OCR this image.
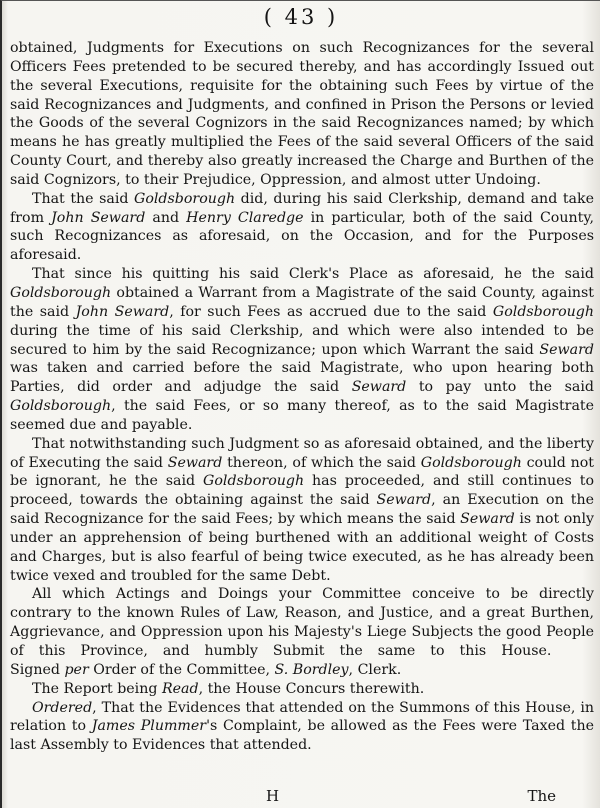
( 43 )

obtained, Judgments for Executions on such Recognizances for the several Officers Fees pretended to be secured thereby, and has accordingly Issued out the several Executions, requisite for the obtaining such Fees by virtue of the said Recognizances and Judgments, and confined in Prison the Persons or levied the Goods of the several Cognizors in the said Recognizances named; by which means he has greatly multiplied the Fees of the said several Officers of the said County Court, and thereby also greatly increased the Charge and Burthen of the said Cognizors, to their Prejudice, Oppression, and almost utter Undoing.

That the said Goldsborough did, during his said Clerkship, demand and take from John Seward and Henry Claredge in particular, both of the said County, such Recognizances as aforesaid, on the Occasion, and for the Purposes aforesaid.

That since his quitting his said Clerk's Place as aforesaid, he the said Goldsborough obtained a Warrant from a Magistrate of the said County, against the said John Seward, for such Fees as accrued due to the said Goldsborough during the time of his said Clerkship, and which were also intended to be secured to him by the said Recognizance; upon which Warrant the said Seward was taken and carried before the said Magistrate, who upon hearing both Parties, did order and adjudge the said Seward to pay unto the said Goldsborough, the said Fees, or so many thereof, as to the said Magistrate seemed due and payable.

That notwithstanding such Judgment so as aforesaid obtained, and the liberty of Executing the said Seward thereon, of which the said Goldsborough could not be ignorant, he the said Goldsborough has proceeded, and still continues to proceed, towards the obtaining against the said Seward, an Execution on the said Recognizance for the said Fees; by which means the said Seward is not only under an apprehension of being burthened with an additional weight of Costs and Charges, but is also fearful of being twice executed, as he has already been twice vexed and troubled for the same Debt.

All which Actings and Doings your Committee conceive to be directly contrary to the known Rules of Law, Reason, and Justice, and a great Burthen, Aggrievance, and Oppression upon his Majesty's Liege Subjects the good People of this Province, and humbly Submit the same to this House.   Signed per Order of the Committee, S. Bordley, Clerk.

The Report being Read, the House Concurs therewith.

Ordered, That the Evidences that attended on the Summons of this House, in relation to James Plummer's Complaint, be allowed as the Fees were Taxed the last Assembly to Evidences that attended.

H	The
